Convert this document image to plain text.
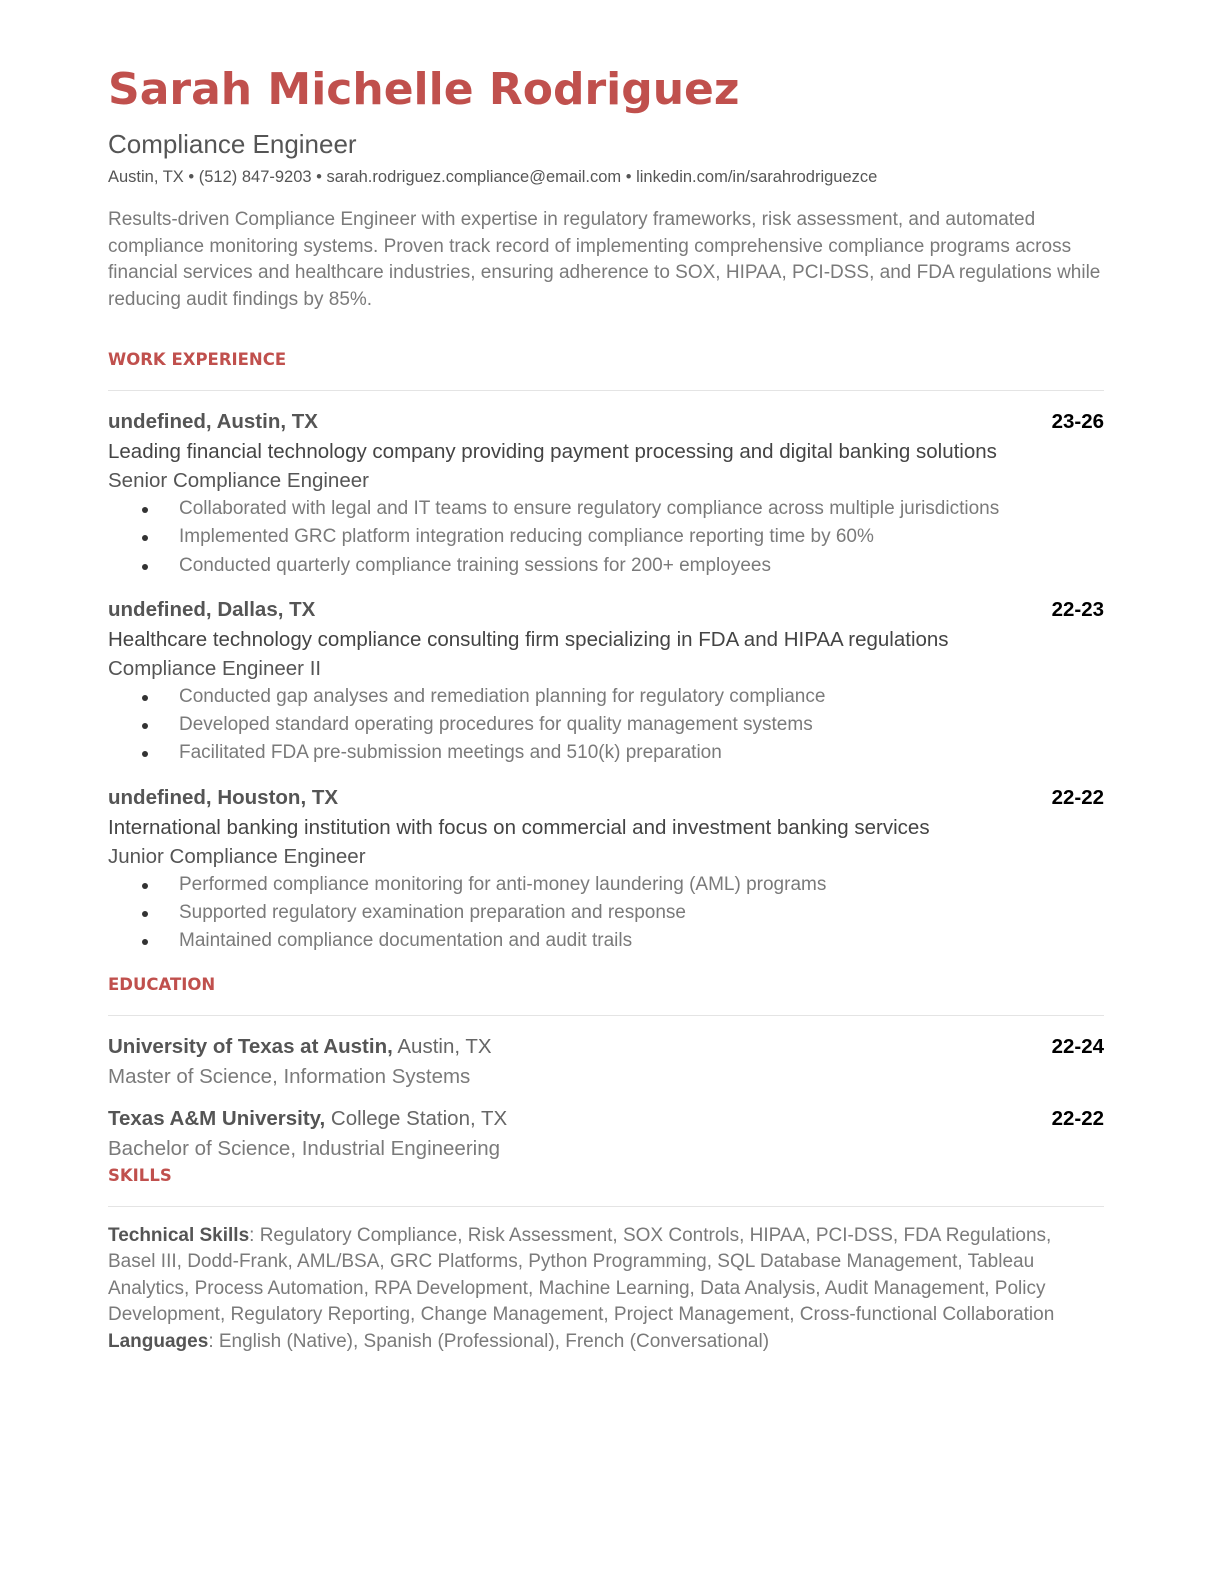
Sarah Michelle Rodriguez
Compliance Engineer
Austin, TX • (512) 847-9203 • sarah.rodriguez.compliance@email.com • linkedin.com/in/sarahrodriguezce
Results-driven Compliance Engineer with expertise in regulatory frameworks, risk assessment, and automated compliance monitoring systems. Proven track record of implementing comprehensive compliance programs across financial services and healthcare industries, ensuring adherence to SOX, HIPAA, PCI-DSS, and FDA regulations while reducing audit findings by 85%.
WORK EXPERIENCE
undefined, Austin, TX	23-26
Leading financial technology company providing payment processing and digital banking solutions
Senior Compliance Engineer
Collaborated with legal and IT teams to ensure regulatory compliance across multiple jurisdictions
Implemented GRC platform integration reducing compliance reporting time by 60%
Conducted quarterly compliance training sessions for 200+ employees
undefined, Dallas, TX	22-23
Healthcare technology compliance consulting firm specializing in FDA and HIPAA regulations
Compliance Engineer II
Conducted gap analyses and remediation planning for regulatory compliance
Developed standard operating procedures for quality management systems
Facilitated FDA pre-submission meetings and 510(k) preparation
undefined, Houston, TX	22-22
International banking institution with focus on commercial and investment banking services
Junior Compliance Engineer
Performed compliance monitoring for anti-money laundering (AML) programs
Supported regulatory examination preparation and response
Maintained compliance documentation and audit trails
EDUCATION
University of Texas at Austin, Austin, TX	22-24
Master of Science, Information Systems
Texas A&M University, College Station, TX	22-22
Bachelor of Science, Industrial Engineering
SKILLS

Technical Skills: Regulatory Compliance, Risk Assessment, SOX Controls, HIPAA, PCI-DSS, FDA Regulations, Basel III, Dodd-Frank, AML/BSA, GRC Platforms, Python Programming, SQL Database Management, Tableau Analytics, Process Automation, RPA Development, Machine Learning, Data Analysis, Audit Management, Policy Development, Regulatory Reporting, Change Management, Project Management, Cross-functional Collaboration

Languages: English (Native), Spanish (Professional), French (Conversational)
